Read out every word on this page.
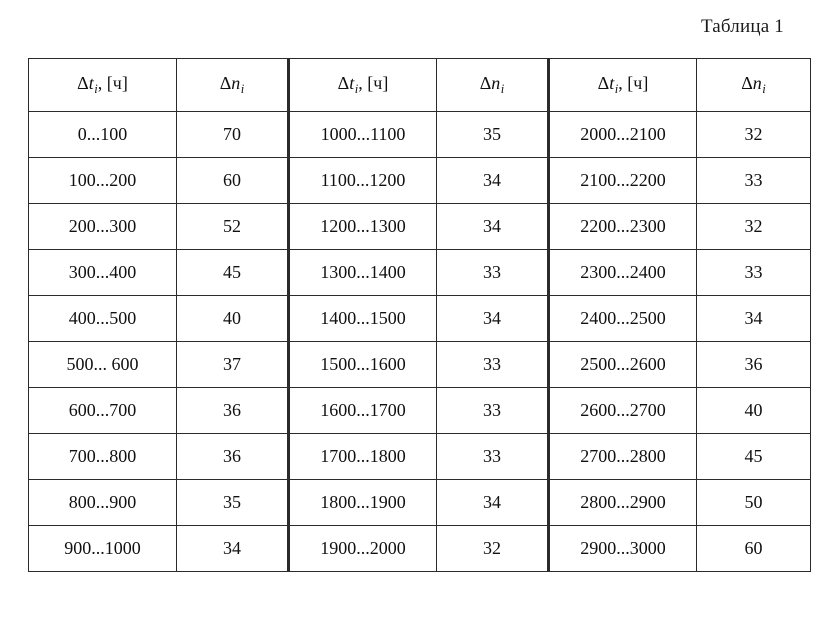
Таблица 1
$\Delta t_i$, [ч]	$\Delta n_i$	$\Delta t_i$, [ч]	$\Delta n_i$	$\Delta t_i$, [ч]	$\Delta n_i$
0...100	70	1000...1100	35	2000...2100	32
100...200	60	1100...1200	34	2100...2200	33
200...300	52	1200...1300	34	2200...2300	32
300...400	45	1300...1400	33	2300...2400	33
400...500	40	1400...1500	34	2400...2500	34
500... 600	37	1500...1600	33	2500...2600	36
600...700	36	1600...1700	33	2600...2700	40
700...800	36	1700...1800	33	2700...2800	45
800...900	35	1800...1900	34	2800...2900	50
900...1000	34	1900...2000	32	2900...3000	60
